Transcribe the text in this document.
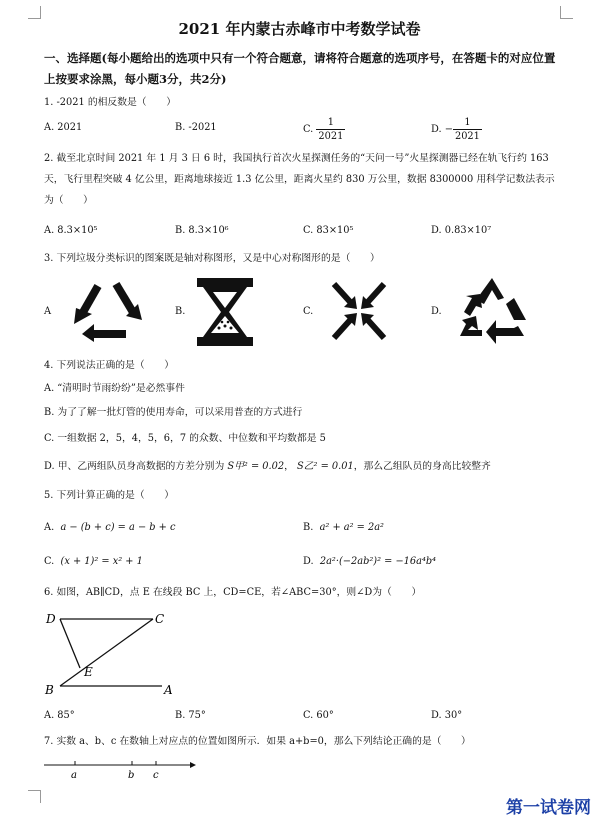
2021 年内蒙古赤峰市中考数学试卷
一、选择题(每小题给出的选项中只有一个符合题意，请将符合题意的选项序号，在答题卡的对应位置上按要求涂黑，每小题3分，共2分)
1. -2021 的相反数是（　　）
A. 2021	B. -2021	C. $\frac{1}{2021}$	D. − $\frac{1}{2021}$
2. 截至北京时间 2021 年 1 月 3 日 6 时，我国执行首次火星探测任务的“天问一号”火星探测器已经在轨飞行约 163 天，飞行里程突破 4 亿公里，距离地球接近 1.3 亿公里，距离火星约 830 万公里，数据 8300000 用科学记数法表示为（　　）
A. 8.3×10⁵	B. 8.3×10⁶	C. 83×10⁵	D. 0.83×10⁷
3. 下列垃圾分类标识的图案既是轴对称图形，又是中心对称图形的是（　　）
A	B.	C.	D.
4. 下列说法正确的是（　　）
A. “清明时节雨纷纷”是必然事件
B. 为了了解一批灯管的使用寿命，可以采用普查的方式进行
C. 一组数据 2，5，4，5，6，7 的众数、中位数和平均数都是 5
D. 甲、乙两组队员身高数据的方差分别为 S甲² = 0.02， S乙² = 0.01，那么乙组队员的身高比较整齐
5. 下列计算正确的是（　　）
A. a − (b + c) = a − b + c	B. a² + a² = 2a²
C. (x + 1)² = x² + 1	D. 2a²·(−2ab²)² = −16a⁴b⁴
6. 如图，AB∥CD，点 E 在线段 BC 上，CD=CE，若∠ABC=30°，则∠D为（　　）
D	C
E
B	A
A. 85°	B. 75°	C. 60°	D. 30°
7. 实数 a、b、c 在数轴上对应点的位置如图所示．如果 a+b=0，那么下列结论正确的是（　　）
a	b c
第一试卷网
